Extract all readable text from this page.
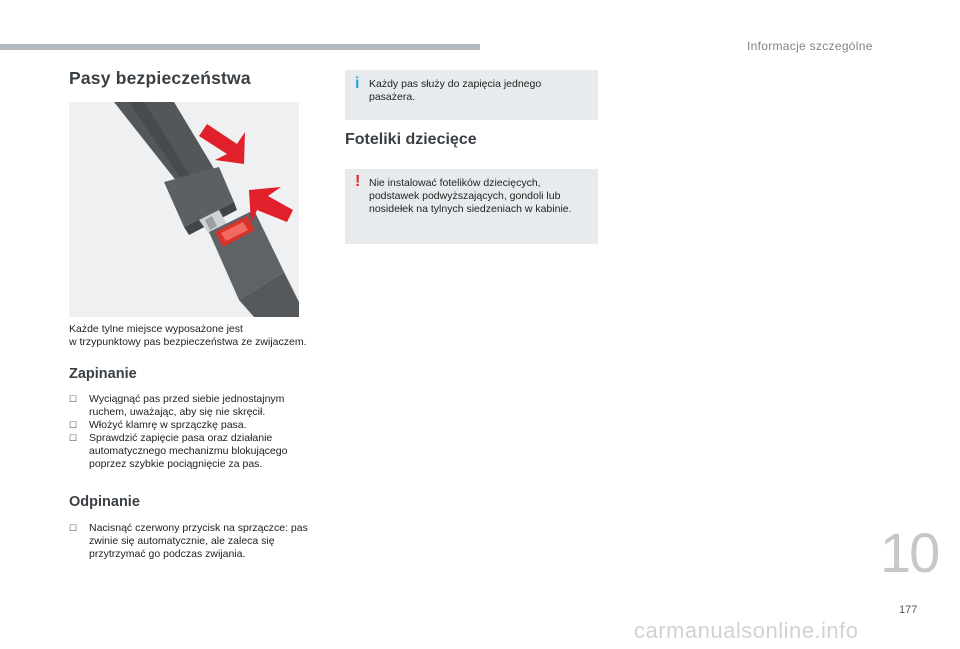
Informacje szczególne
Pasy bezpieczeństwa
Każde tylne miejsce wyposażone jest
w trzypunktowy pas bezpieczeństwa ze zwijaczem.
Zapinanie
☐ Wyciągnąć pas przed siebie jednostajnym ruchem, uważając, aby się nie skręcił.
☐ Włożyć klamrę w sprzączkę pasa.
☐ Sprawdzić zapięcie pasa oraz działanie automatycznego mechanizmu blokującego poprzez szybkie pociągnięcie za pas.
Odpinanie
☐ Nacisnąć czerwony przycisk na sprzączce: pas zwinie się automatycznie, ale zaleca się przytrzymać go podczas zwijania.
i Każdy pas służy do zapięcia jednego pasażera.
Foteliki dziecięce
! Nie instalować fotelików dziecięcych, podstawek podwyższających, gondoli lub nosidełek na tylnych siedzeniach w kabinie.
10
177
carmanualsonline.info
